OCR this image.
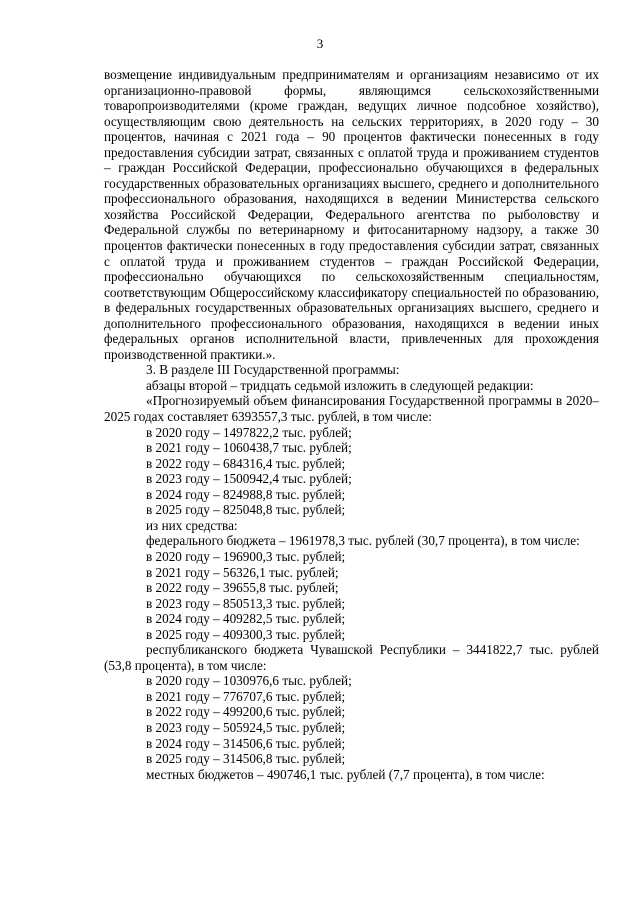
3

возмещение индивидуальным предпринимателям и организациям независимо от их организационно-правовой формы, являющимся сельскохозяйственными товаропроизводителями (кроме граждан, ведущих личное подсобное хозяйство), осуществляющим свою деятельность на сельских территориях, в 2020 году – 30 процентов, начиная с 2021 года – 90 процентов фактически понесенных в году предоставления субсидии затрат, связанных с оплатой труда и проживанием студентов – граждан Российской Федерации, профессионально обучающихся в федеральных государственных образовательных организациях высшего, среднего и дополнительного профессионального образования, находящихся в ведении Министерства сельского хозяйства Российской Федерации, Федерального агентства по рыболовству и Федеральной службы по ветеринарному и фитосанитарному надзору, а также 30 процентов фактически понесенных в году предоставления субсидии затрат, связанных с оплатой труда и проживанием студентов – граждан Российской Федерации, профессионально обучающихся по сельскохозяйственным специальностям, соответствующим Общероссийскому классификатору специальностей по образованию, в федеральных государственных образовательных организациях высшего, среднего и дополнительного профессионального образования, находящихся в ведении иных федеральных органов исполнительной власти, привлеченных для прохождения производственной практики.».

3. В разделе III Государственной программы:

абзацы второй – тридцать седьмой изложить в следующей редакции:

«Прогнозируемый объем финансирования Государственной программы в 2020–2025 годах составляет 6393557,3 тыс. рублей, в том числе:

в 2020 году – 1497822,2 тыс. рублей;

в 2021 году – 1060438,7 тыс. рублей;

в 2022 году – 684316,4 тыс. рублей;

в 2023 году – 1500942,4 тыс. рублей;

в 2024 году – 824988,8 тыс. рублей;

в 2025 году – 825048,8 тыс. рублей;

из них средства:

федерального бюджета – 1961978,3 тыс. рублей (30,7 процента), в том числе:

в 2020 году – 196900,3 тыс. рублей;

в 2021 году – 56326,1 тыс. рублей;

в 2022 году – 39655,8 тыс. рублей;

в 2023 году – 850513,3 тыс. рублей;

в 2024 году – 409282,5 тыс. рублей;

в 2025 году – 409300,3 тыс. рублей;

республиканского бюджета Чувашской Республики – 3441822,7 тыс. рублей (53,8 процента), в том числе:

в 2020 году – 1030976,6 тыс. рублей;

в 2021 году – 776707,6 тыс. рублей;

в 2022 году – 499200,6 тыс. рублей;

в 2023 году – 505924,5 тыс. рублей;

в 2024 году – 314506,6 тыс. рублей;

в 2025 году – 314506,8 тыс. рублей;

местных бюджетов – 490746,1 тыс. рублей (7,7 процента), в том числе:
